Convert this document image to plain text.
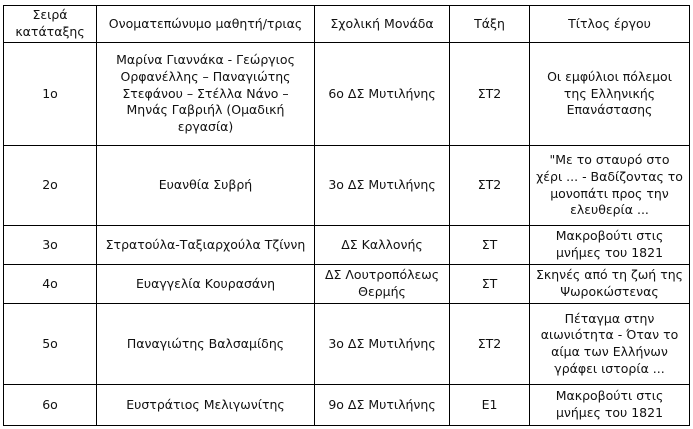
Σειρά κατάταξης	Ονοματεπώνυμο μαθητή/τριας	Σχολική Μονάδα	Τάξη	Τίτλος έργου
1ο	Μαρίνα Γιαννάκα - Γεώργιος Ορφανέλλης – Παναγιώτης Στεφάνου – Στέλλα Νάνο – Μηνάς Γαβριήλ (Ομαδική εργασία)	6ο ΔΣ Μυτιλήνης	ΣΤ2	Οι εμφύλιοι πόλεμοι της Ελληνικής Επανάστασης
2ο	Ευανθία Συβρή	3ο ΔΣ Μυτιλήνης	ΣΤ2	"Με το σταυρό στο χέρι ... - Βαδίζοντας το μονοπάτι προς την ελευθερία ...
3ο	Στρατούλα-Ταξιαρχούλα Τζίννη	ΔΣ Καλλονής	ΣΤ	Μακροβούτι στις μνήμες του 1821
4ο	Ευαγγελία Κουρασάνη	ΔΣ Λουτροπόλεως Θερμής	ΣΤ	Σκηνές από τη ζωή της Ψωροκώστενας
5ο	Παναγιώτης Βαλσαμίδης	3ο ΔΣ Μυτιλήνης	ΣΤ2	Πέταγμα στην αιωνιότητα - Όταν το αίμα των Ελλήνων γράφει ιστορία ...
6ο	Ευστράτιος Μελιγωνίτης	9ο ΔΣ Μυτιλήνης	Ε1	Μακροβούτι στις μνήμες του 1821
